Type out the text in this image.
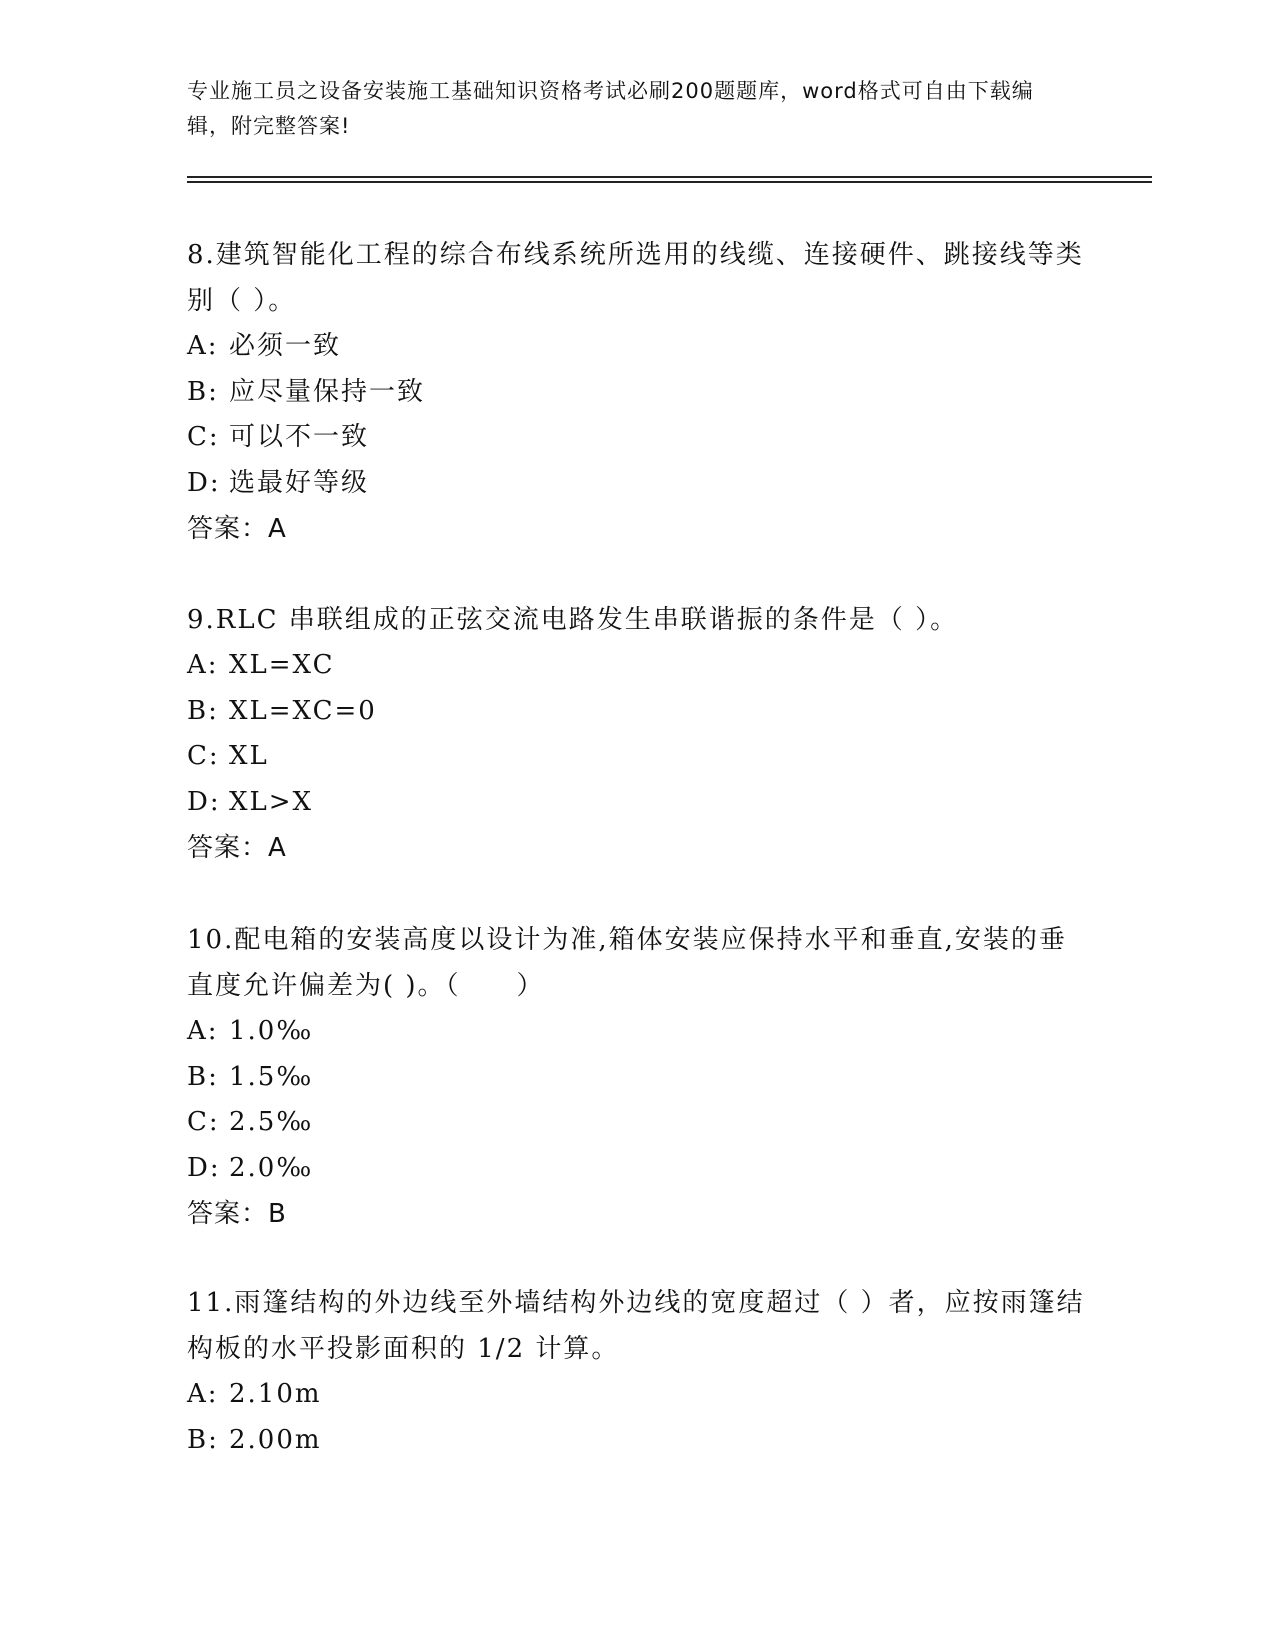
专业施工员之设备安装施工基础知识资格考试必刷200题题库，word格式可自由下载编辑，附完整答案!
8.建筑智能化工程的综合布线系统所选用的线缆、连接硬件、跳接线等类别（ ）。
A: 必须一致
B: 应尽量保持一致
C: 可以不一致
D: 选最好等级
答案：A
9.RLC 串联组成的正弦交流电路发生串联谐振的条件是（ ）。
A: XL=XC
B: XL=XC=0
C: XL
D: XL>X
答案：A
10.配电箱的安装高度以设计为准,箱体安装应保持水平和垂直,安装的垂直度允许偏差为( )。（　　）
A: 1.0‰
B: 1.5‰
C: 2.5‰
D: 2.0‰
答案：B
11.雨篷结构的外边线至外墙结构外边线的宽度超过（ ）者，应按雨篷结构板的水平投影面积的 1/2 计算。
A: 2.10m
B: 2.00m
